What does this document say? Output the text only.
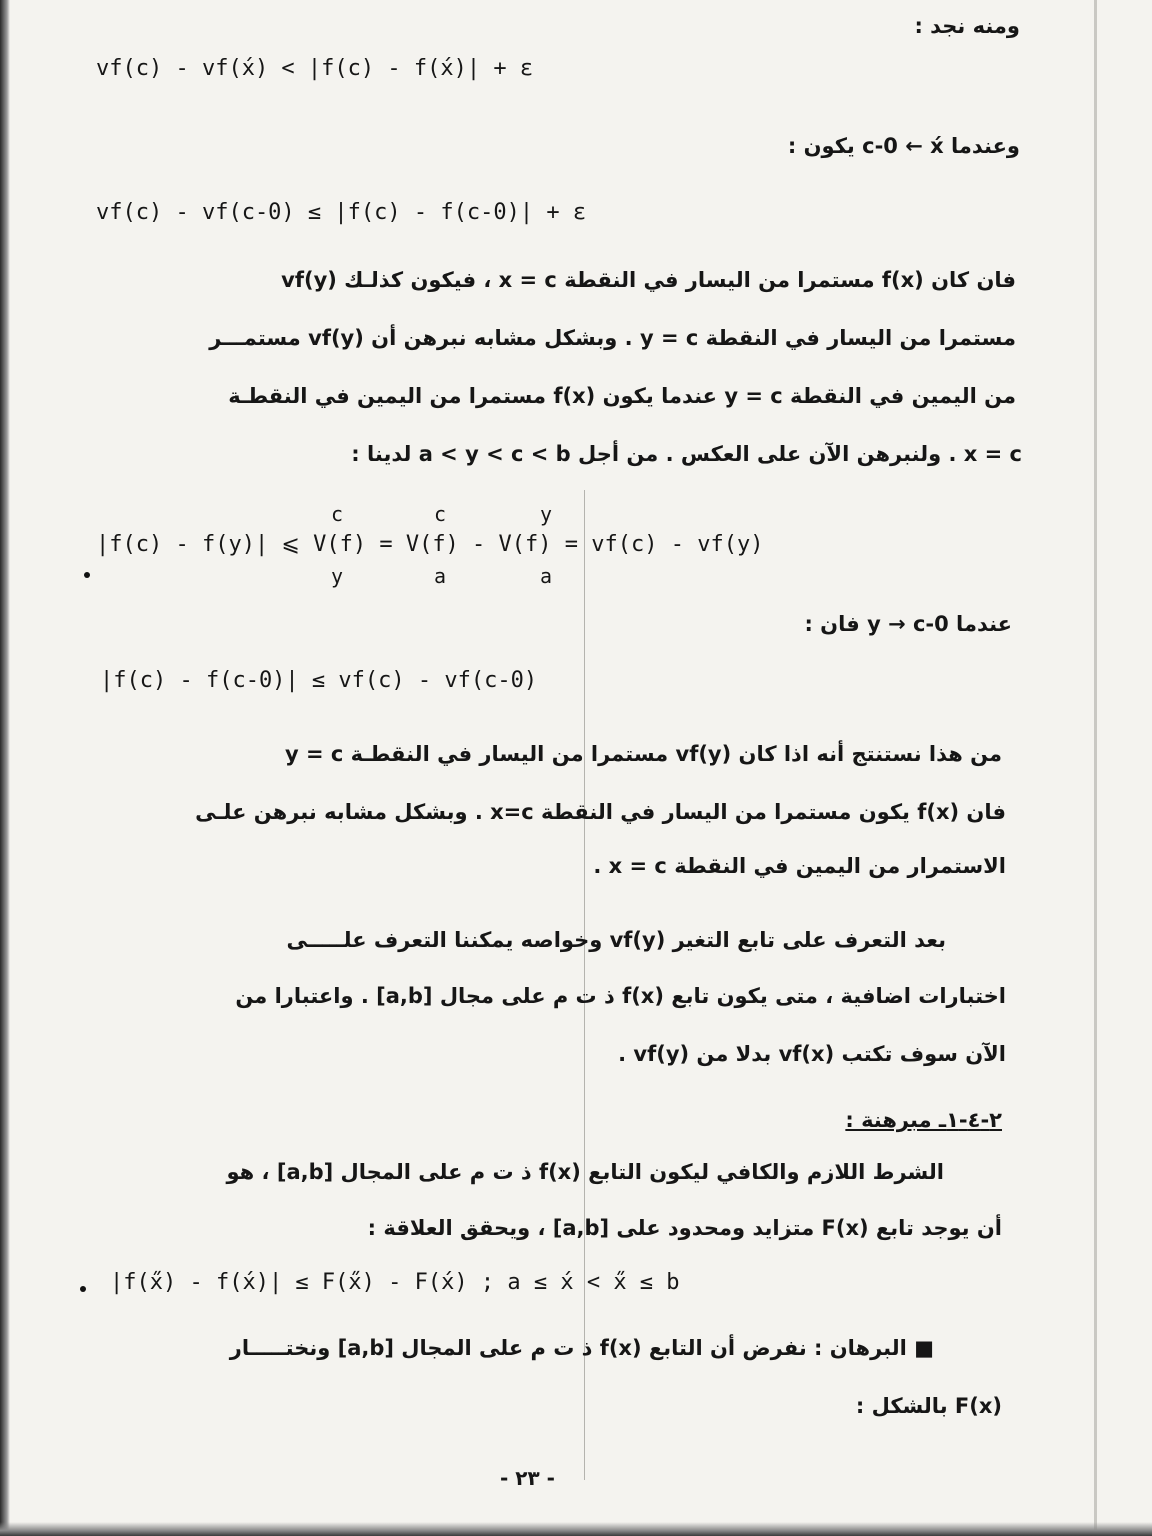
ومنه نجد :
vf(c) - vf(x́) < |f(c) - f(x́)| + ε
وعندما c-0 ← x́ يكون :
vf(c) - vf(c-0) ≤ |f(c) - f(c-0)| + ε
فان كان f(x) مستمرا من اليسار في النقطة x = c ، فيكون كذلـك vf(y)
مستمرا من اليسار في النقطة y = c . وبشكل مشابه نبرهن أن vf(y) مستمـــر
من اليمين في النقطة y = c عندما يكون f(x) مستمرا من اليمين في النقطـة
x = c . ولنبرهن الآن على العكس . من أجل a < y < c < b لدينا :
c	c	y
|f(c) - f(y)| ⩽ V(f) = V(f) - V(f) = vf(c) - vf(y)
y	a	a
عندما y → c-0 فان :
|f(c) - f(c-0)| ≤ vf(c) - vf(c-0)
من هذا نستنتج أنه اذا كان vf(y) مستمرا من اليسار في النقطـة y = c
فان f(x) يكون مستمرا من اليسار في النقطة x=c . وبشكل مشابه نبرهن علـى
الاستمرار من اليمين في النقطة x = c .
بعد التعرف على تابع التغير vf(y) وخواصه يمكننا التعرف علـــــى
اختبارات اضافية ، متى يكون تابع f(x) ذ ت م على مجال [a,b] . واعتبارا من
الآن سوف تكتب vf(x) بدلا من vf(y) .
٢-٤-١ـ مبرهنة :
الشرط اللازم والكافي ليكون التابع f(x) ذ ت م على المجال [a,b] ، هو
أن يوجد تابع F(x) متزايد ومحدود على [a,b] ، ويحقق العلاقة :
|f(x̋) - f(x́)| ≤ F(x̋) - F(x́) ; a ≤ x́ < x̋ ≤ b
■ البرهان : نفرض أن التابع f(x) ذ ت م على المجال [a,b] ونختـــــار
F(x) بالشكل :
- ٢٣ -
